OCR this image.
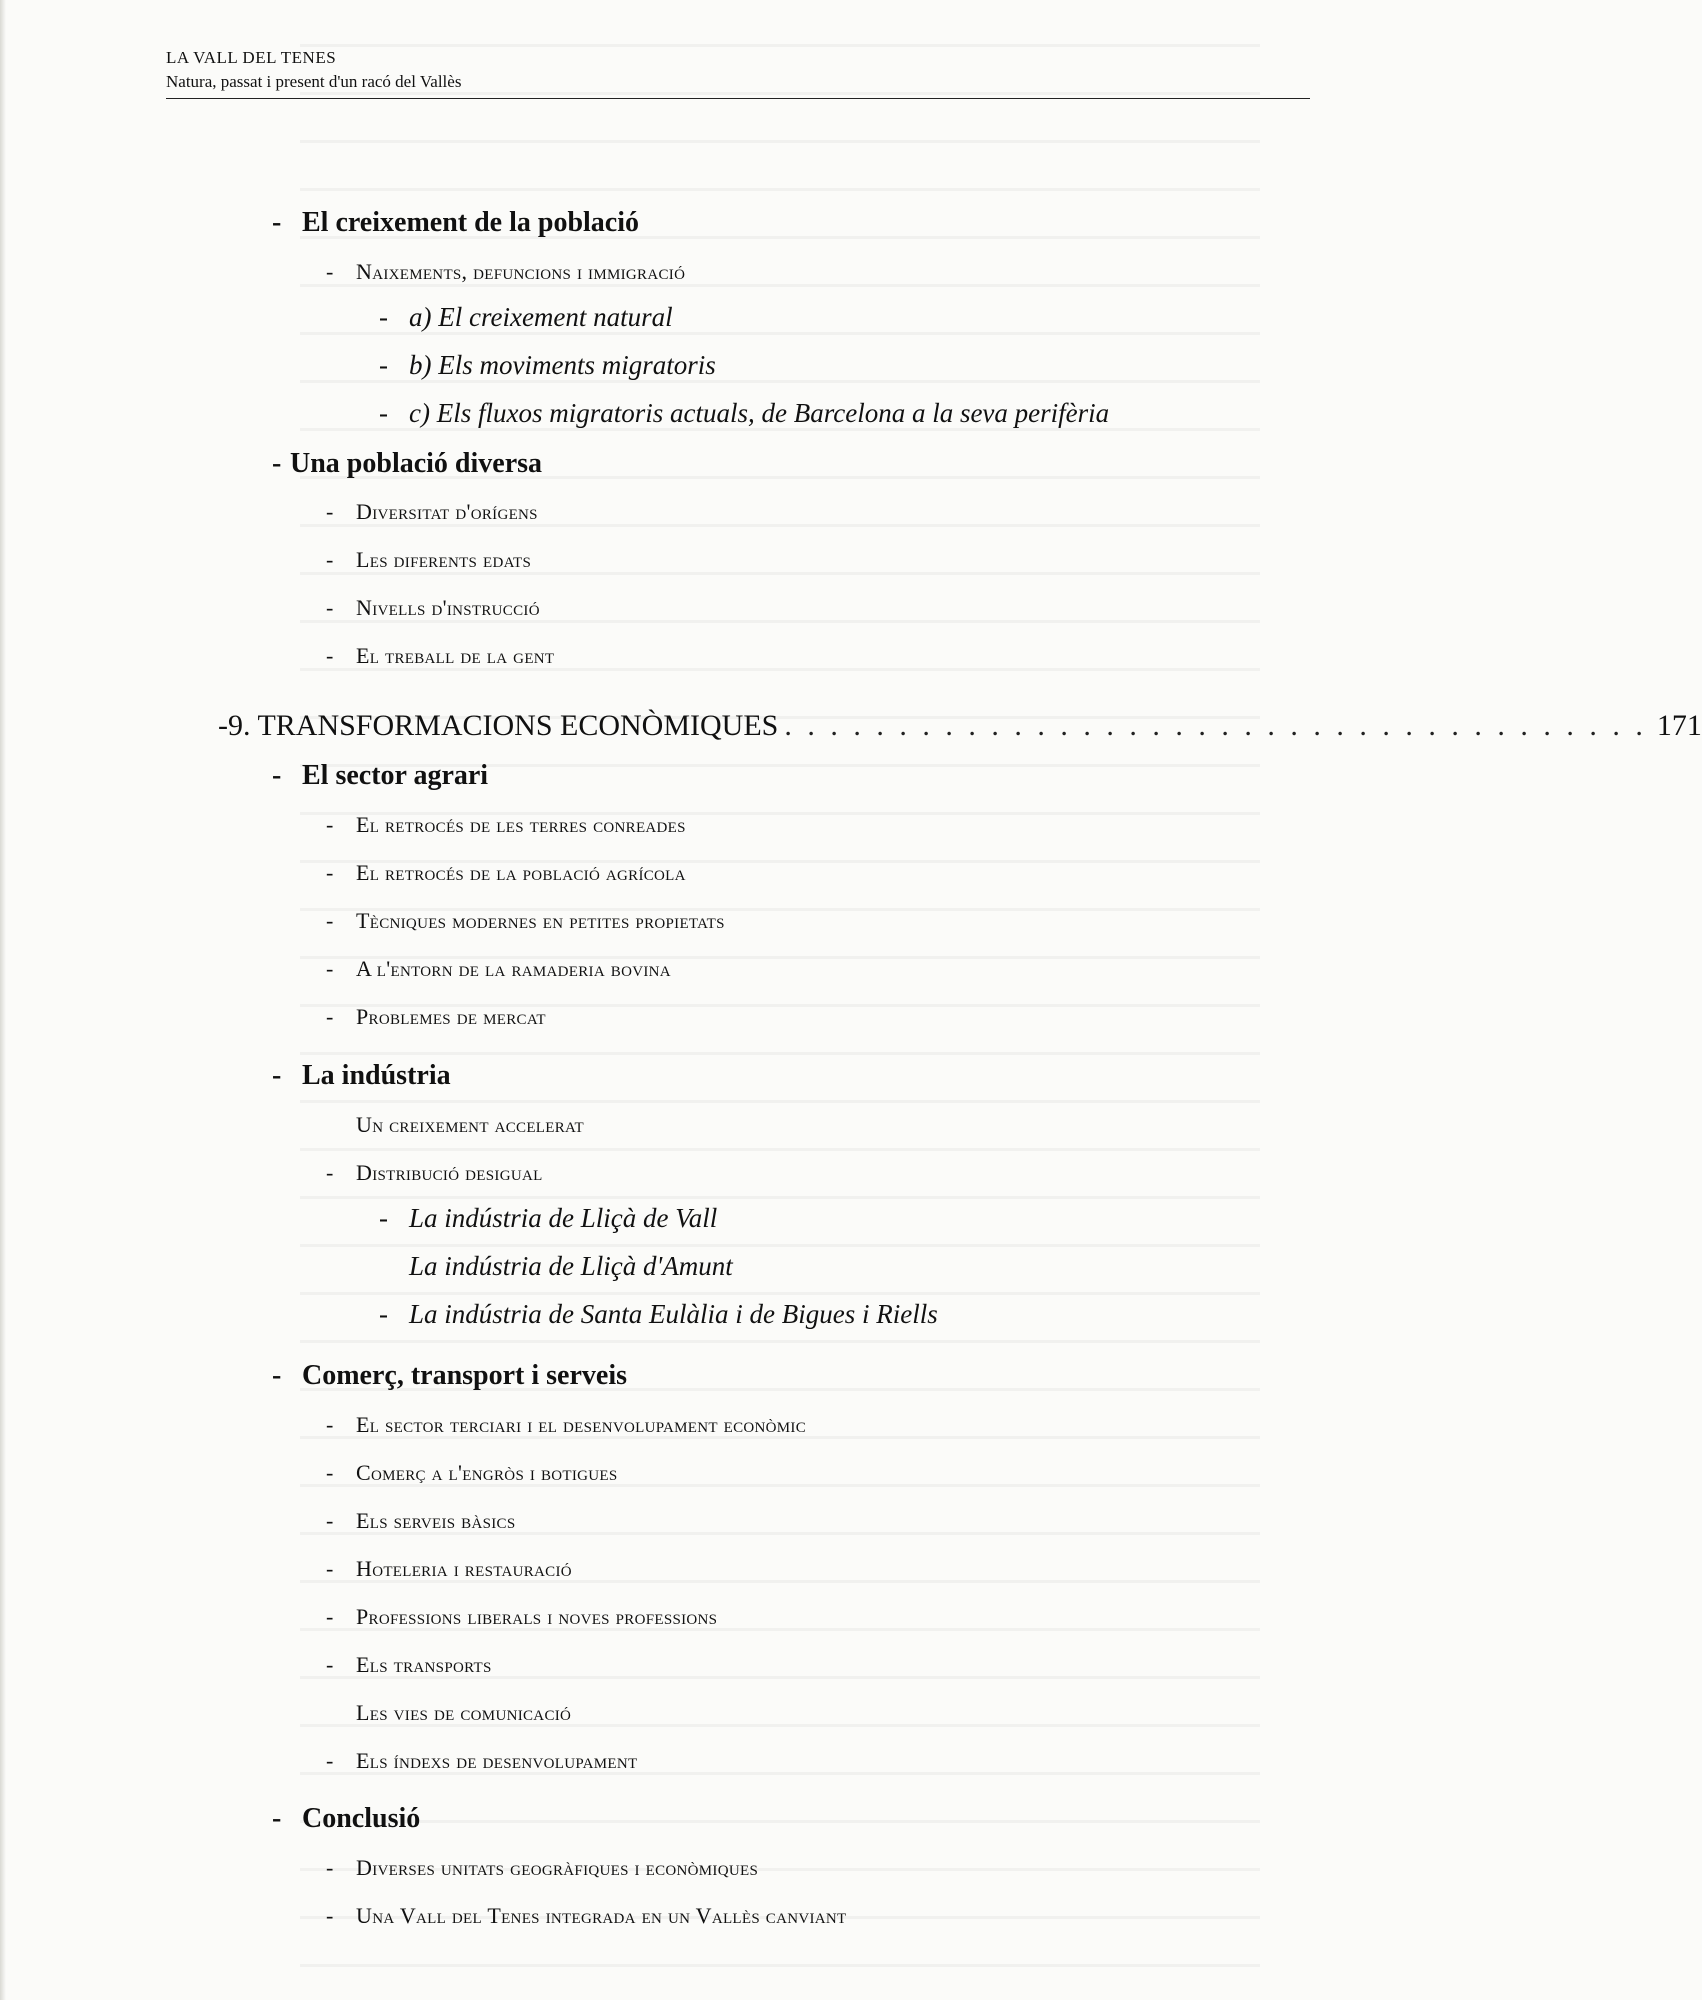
LA VALL DEL TENES
Natura, passat i present d'un racó del Vallès
- El creixement de la població
- Naixements, defuncions i immigració
- a) El creixement natural
- b) Els moviments migratoris
- c) Els fluxos migratoris actuals, de Barcelona a la seva perifèria
- Una població diversa
- Diversitat d'orígens
- Les diferents edats
- Nivells d'instrucció
- El treball de la gent
- 9. TRANSFORMACIONS ECONÒMIQUES . . . . . . . . . . . . . . . . . . . . . . . . . . . . . . . . . . . . . . 171
- El sector agrari
- El retrocés de les terres conreades
- El retrocés de la població agrícola
- Tècniques modernes en petites propietats
- A l'entorn de la ramaderia bovina
- Problemes de mercat
- La indústria
Un creixement accelerat
- Distribució desigual
- La indústria de Lliçà de Vall
La indústria de Lliçà d'Amunt
- La indústria de Santa Eulàlia i de Bigues i Riells
- Comerç, transport i serveis
- El sector terciari i el desenvolupament econòmic
- Comerç a l'engròs i botigues
- Els serveis bàsics
- Hoteleria i restauració
- Professions liberals i noves professions
- Els transports
Les vies de comunicació
- Els índexs de desenvolupament
- Conclusió
- Diverses unitats geogràfiques i econòmiques
- Una Vall del Tenes integrada en un Vallès canviant
